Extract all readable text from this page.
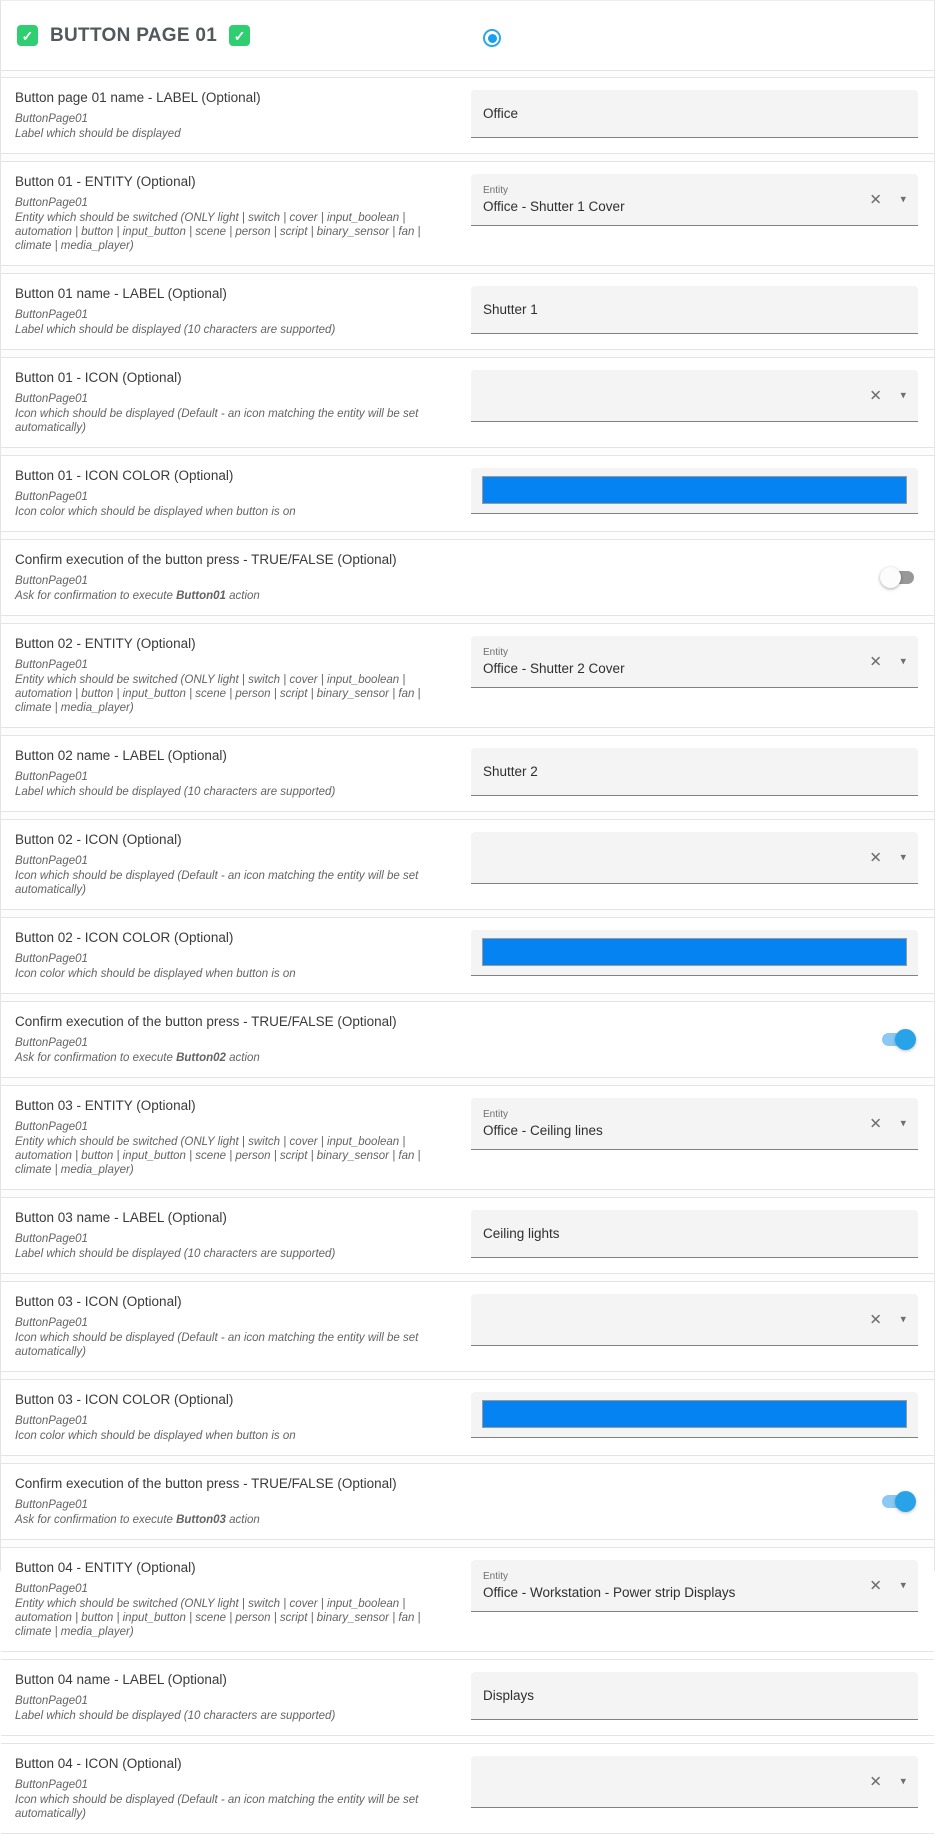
✓ BUTTON PAGE 01 ✓
Button page 01 name - LABEL (Optional)
ButtonPage01
Label which should be displayed
Office
Button 01 - ENTITY (Optional)
ButtonPage01
Entity which should be switched (ONLY light | switch | cover | input_boolean | automation | button | input_button | scene | person | script | binary_sensor | fan | climate | media_player)
Entity
Office - Shutter 1 Cover	✕ ▾
Button 01 name - LABEL (Optional)
ButtonPage01
Label which should be displayed (10 characters are supported)
Shutter 1
Button 01 - ICON (Optional)
ButtonPage01
Icon which should be displayed (Default - an icon matching the entity will be set automatically)
✕ ▾
Button 01 - ICON COLOR (Optional)
ButtonPage01
Icon color which should be displayed when button is on
Confirm execution of the button press - TRUE/FALSE (Optional)
ButtonPage01
Ask for confirmation to execute Button01 action
Button 02 - ENTITY (Optional)
ButtonPage01
Entity which should be switched (ONLY light | switch | cover | input_boolean | automation | button | input_button | scene | person | script | binary_sensor | fan | climate | media_player)
Entity
Office - Shutter 2 Cover	✕ ▾
Button 02 name - LABEL (Optional)
ButtonPage01
Label which should be displayed (10 characters are supported)
Shutter 2
Button 02 - ICON (Optional)
ButtonPage01
Icon which should be displayed (Default - an icon matching the entity will be set automatically)
✕ ▾
Button 02 - ICON COLOR (Optional)
ButtonPage01
Icon color which should be displayed when button is on
Confirm execution of the button press - TRUE/FALSE (Optional)
ButtonPage01
Ask for confirmation to execute Button02 action
Button 03 - ENTITY (Optional)
ButtonPage01
Entity which should be switched (ONLY light | switch | cover | input_boolean | automation | button | input_button | scene | person | script | binary_sensor | fan | climate | media_player)
Entity
Office - Ceiling lines	✕ ▾
Button 03 name - LABEL (Optional)
ButtonPage01
Label which should be displayed (10 characters are supported)
Ceiling lights
Button 03 - ICON (Optional)
ButtonPage01
Icon which should be displayed (Default - an icon matching the entity will be set automatically)
✕ ▾
Button 03 - ICON COLOR (Optional)
ButtonPage01
Icon color which should be displayed when button is on
Confirm execution of the button press - TRUE/FALSE (Optional)
ButtonPage01
Ask for confirmation to execute Button03 action
Button 04 - ENTITY (Optional)
ButtonPage01
Entity which should be switched (ONLY light | switch | cover | input_boolean | automation | button | input_button | scene | person | script | binary_sensor | fan | climate | media_player)
Entity
Office - Workstation - Power strip Displays	✕ ▾
Button 04 name - LABEL (Optional)
ButtonPage01
Label which should be displayed (10 characters are supported)
Displays
Button 04 - ICON (Optional)
ButtonPage01
Icon which should be displayed (Default - an icon matching the entity will be set automatically)
✕ ▾
